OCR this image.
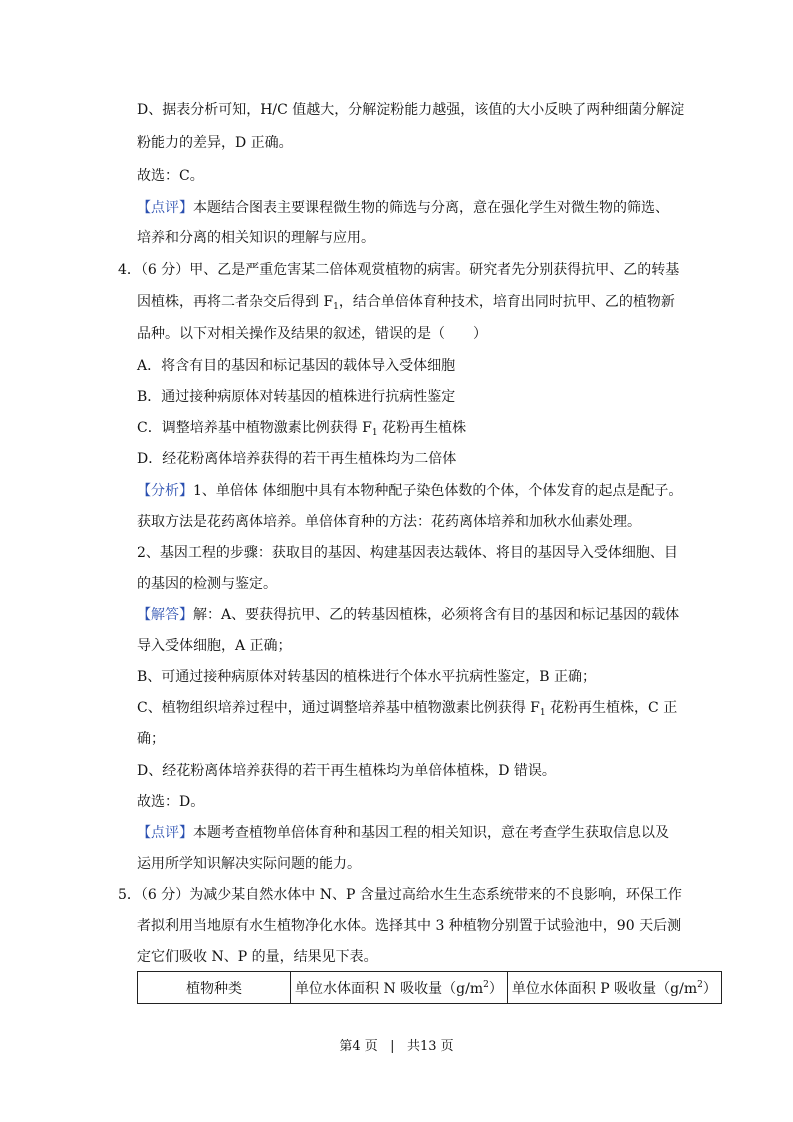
D、据表分析可知，H/C 值越大，分解淀粉能力越强，该值的大小反映了两种细菌分解淀
粉能力的差异，D 正确。
故选：C。
【点评】本题结合图表主要课程微生物的筛选与分离，意在强化学生对微生物的筛选、
培养和分离的相关知识的理解与应用。
4．（6 分）甲、乙是严重危害某二倍体观赏植物的病害。研究者先分别获得抗甲、乙的转基
因植株，再将二者杂交后得到 $F_1$，结合单倍体育种技术，培育出同时抗甲、乙的植物新
品种。以下对相关操作及结果的叙述，错误的是（　　）
A．将含有目的基因和标记基因的载体导入受体细胞
B．通过接种病原体对转基因的植株进行抗病性鉴定
C．调整培养基中植物激素比例获得 $F_1$ 花粉再生植株
D．经花粉离体培养获得的若干再生植株均为二倍体
【分析】1、单倍体 体细胞中具有本物种配子染色体数的个体，个体发育的起点是配子。
获取方法是花药离体培养。单倍体育种的方法：花药离体培养和加秋水仙素处理。
2、基因工程的步骤：获取目的基因、构建基因表达载体、将目的基因导入受体细胞、目
的基因的检测与鉴定。
【解答】解：A、要获得抗甲、乙的转基因植株，必须将含有目的基因和标记基因的载体
导入受体细胞，A 正确；
B、可通过接种病原体对转基因的植株进行个体水平抗病性鉴定，B 正确；
C、植物组织培养过程中，通过调整培养基中植物激素比例获得 $F_1$ 花粉再生植株，C 正
确；
D、经花粉离体培养获得的若干再生植株均为单倍体植株，D 错误。
故选：D。
【点评】本题考查植物单倍体育种和基因工程的相关知识，意在考查学生获取信息以及
运用所学知识解决实际问题的能力。
5．（6 分）为减少某自然水体中 N、P 含量过高给水生生态系统带来的不良影响，环保工作
者拟利用当地原有水生植物净化水体。选择其中 3 种植物分别置于试验池中，90 天后测
定它们吸收 N、P 的量，结果见下表。
植物种类	单位水体面积 N 吸收量$(g/m^2)$	单位水体面积 P 吸收量$(g/m^2)$
第4 页 | 共13 页
